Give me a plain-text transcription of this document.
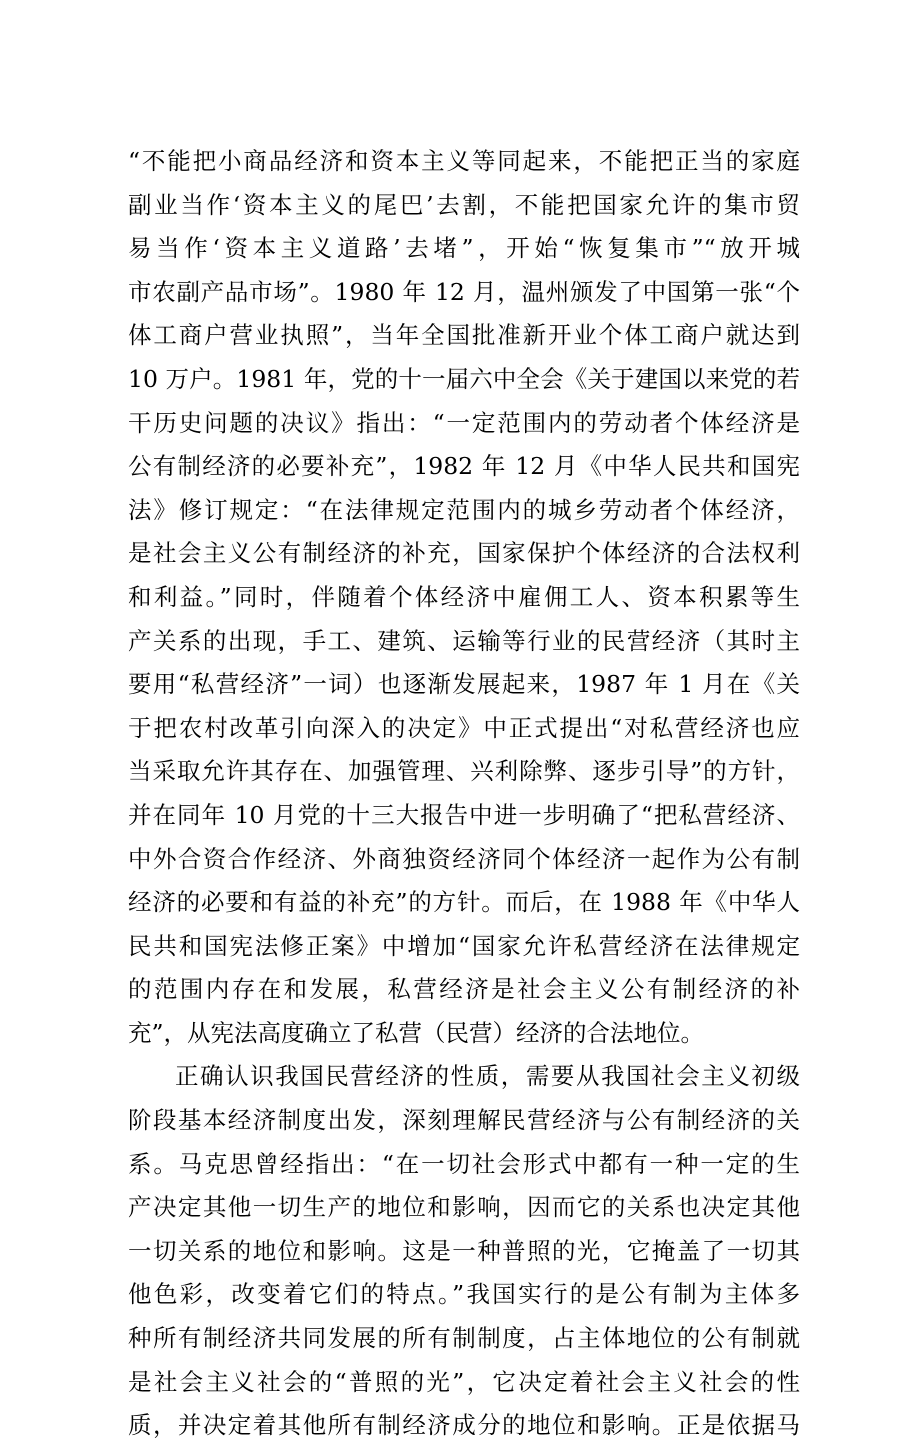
“不能把小商品经济和资本主义等同起来，不能把正当的家庭
副业当作‘资本主义的尾巴’去割，不能把国家允许的集市贸
易当作‘资本主义道路’去堵”，开始“恢复集市”“放开城
市农副产品市场”。1980 年 12 月，温州颁发了中国第一张“个
体工商户营业执照”，当年全国批准新开业个体工商户就达到
10 万户。1981 年，党的十一届六中全会《关于建国以来党的若
干历史问题的决议》指出：“一定范围内的劳动者个体经济是
公有制经济的必要补充”，1982 年 12 月《中华人民共和国宪
法》修订规定：“在法律规定范围内的城乡劳动者个体经济，
是社会主义公有制经济的补充，国家保护个体经济的合法权利
和利益。”同时，伴随着个体经济中雇佣工人、资本积累等生
产关系的出现，手工、建筑、运输等行业的民营经济（其时主
要用“私营经济”一词）也逐渐发展起来，1987 年 1 月在《关
于把农村改革引向深入的决定》中正式提出“对私营经济也应
当采取允许其存在、加强管理、兴利除弊、逐步引导”的方针，
并在同年 10 月党的十三大报告中进一步明确了“把私营经济、
中外合资合作经济、外商独资经济同个体经济一起作为公有制
经济的必要和有益的补充”的方针。而后，在 1988 年《中华人
民共和国宪法修正案》中增加“国家允许私营经济在法律规定
的范围内存在和发展，私营经济是社会主义公有制经济的补
充”，从宪法高度确立了私营（民营）经济的合法地位。
正确认识我国民营经济的性质，需要从我国社会主义初级
阶段基本经济制度出发，深刻理解民营经济与公有制经济的关
系。马克思曾经指出：“在一切社会形式中都有一种一定的生
产决定其他一切生产的地位和影响，因而它的关系也决定其他
一切关系的地位和影响。这是一种普照的光，它掩盖了一切其
他色彩，改变着它们的特点。”我国实行的是公有制为主体多
种所有制经济共同发展的所有制制度，占主体地位的公有制就
是社会主义社会的“普照的光”，它决定着社会主义社会的性
质，并决定着其他所有制经济成分的地位和影响。正是依据马
